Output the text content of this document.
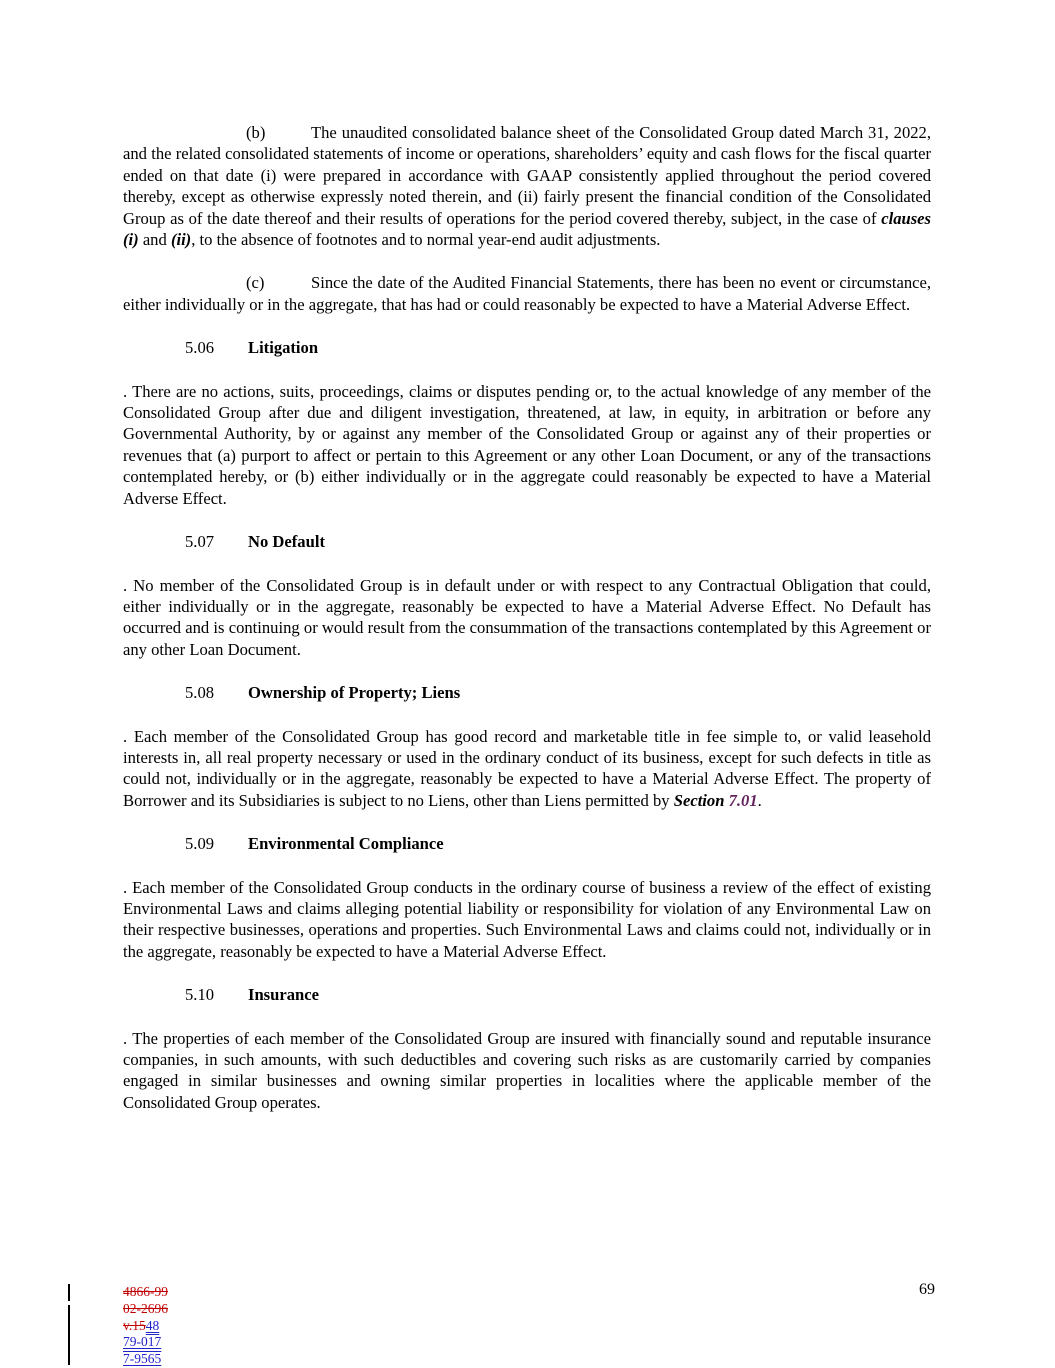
(b)	The unaudited consolidated balance sheet of the Consolidated Group dated March 31, 2022, and the related consolidated statements of income or operations, shareholders’ equity and cash flows for the fiscal quarter ended on that date (i) were prepared in accordance with GAAP consistently applied throughout the period covered thereby, except as otherwise expressly noted therein, and (ii) fairly present the financial condition of the Consolidated Group as of the date thereof and their results of operations for the period covered thereby, subject, in the case of clauses (i) and (ii), to the absence of footnotes and to normal year-end audit adjustments.

(c)	Since the date of the Audited Financial Statements, there has been no event or circumstance, either individually or in the aggregate, that has had or could reasonably be expected to have a Material Adverse Effect.

5.06 Litigation

. There are no actions, suits, proceedings, claims or disputes pending or, to the actual knowledge of any member of the Consolidated Group after due and diligent investigation, threatened, at law, in equity, in arbitration or before any Governmental Authority, by or against any member of the Consolidated Group or against any of their properties or revenues that (a) purport to affect or pertain to this Agreement or any other Loan Document, or any of the transactions contemplated hereby, or (b) either individually or in the aggregate could reasonably be expected to have a Material Adverse Effect.

5.07 No Default

. No member of the Consolidated Group is in default under or with respect to any Contractual Obligation that could, either individually or in the aggregate, reasonably be expected to have a Material Adverse Effect. No Default has occurred and is continuing or would result from the consummation of the transactions contemplated by this Agreement or any other Loan Document.

5.08 Ownership of Property; Liens

. Each member of the Consolidated Group has good record and marketable title in fee simple to, or valid leasehold interests in, all real property necessary or used in the ordinary conduct of its business, except for such defects in title as could not, individually or in the aggregate, reasonably be expected to have a Material Adverse Effect. The property of Borrower and its Subsidiaries is subject to no Liens, other than Liens permitted by Section 7.01.

5.09 Environmental Compliance

. Each member of the Consolidated Group conducts in the ordinary course of business a review of the effect of existing Environmental Laws and claims alleging potential liability or responsibility for violation of any Environmental Law on their respective businesses, operations and properties. Such Environmental Laws and claims could not, individually or in the aggregate, reasonably be expected to have a Material Adverse Effect.

5.10 Insurance

. The properties of each member of the Consolidated Group are insured with financially sound and reputable insurance companies, in such amounts, with such deductibles and covering such risks as are customarily carried by companies engaged in similar businesses and owning similar properties in localities where the applicable member of the Consolidated Group operates.

4866-99
02-2696
v.1548
79-017
7-9565
69
